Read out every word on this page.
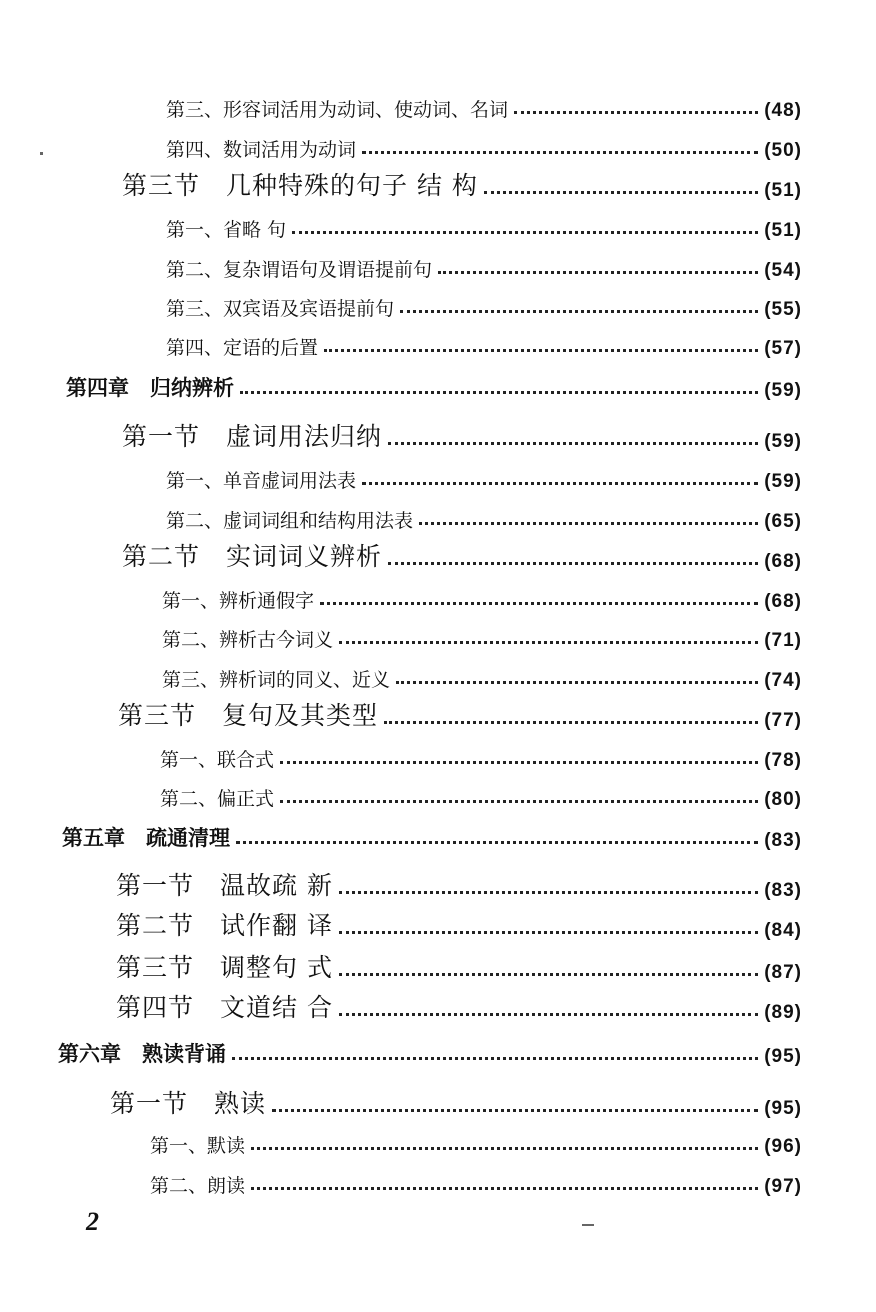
第三、形容词活用为动词、使动词、名词	(48)
第四、数词活用为动词	(50)
第三节　几种特殊的句子 结 构	(51)
第一、省略 句	(51)
第二、复杂谓语句及谓语提前句	(54)
第三、双宾语及宾语提前句	(55)
第四、定语的后置	(57)
第四章　归纳辨析	(59)
第一节　虚词用法归纳	(59)
第一、单音虚词用法表	(59)
第二、虚词词组和结构用法表	(65)
第二节　实词词义辨析	(68)
第一、辨析通假字	(68)
第二、辨析古今词义	(71)
第三、辨析词的同义、近义	(74)
第三节　复句及其类型	(77)
第一、联合式	(78)
第二、偏正式	(80)
第五章　疏通清理	(83)
第一节　温故疏 新	(83)
第二节　试作翻 译	(84)
第三节　调整句 式	(87)
第四节　文道结 合	(89)
第六章　熟读背诵	(95)
第一节　熟读	(95)
第一、默读	(96)
第二、朗读	(97)
2
